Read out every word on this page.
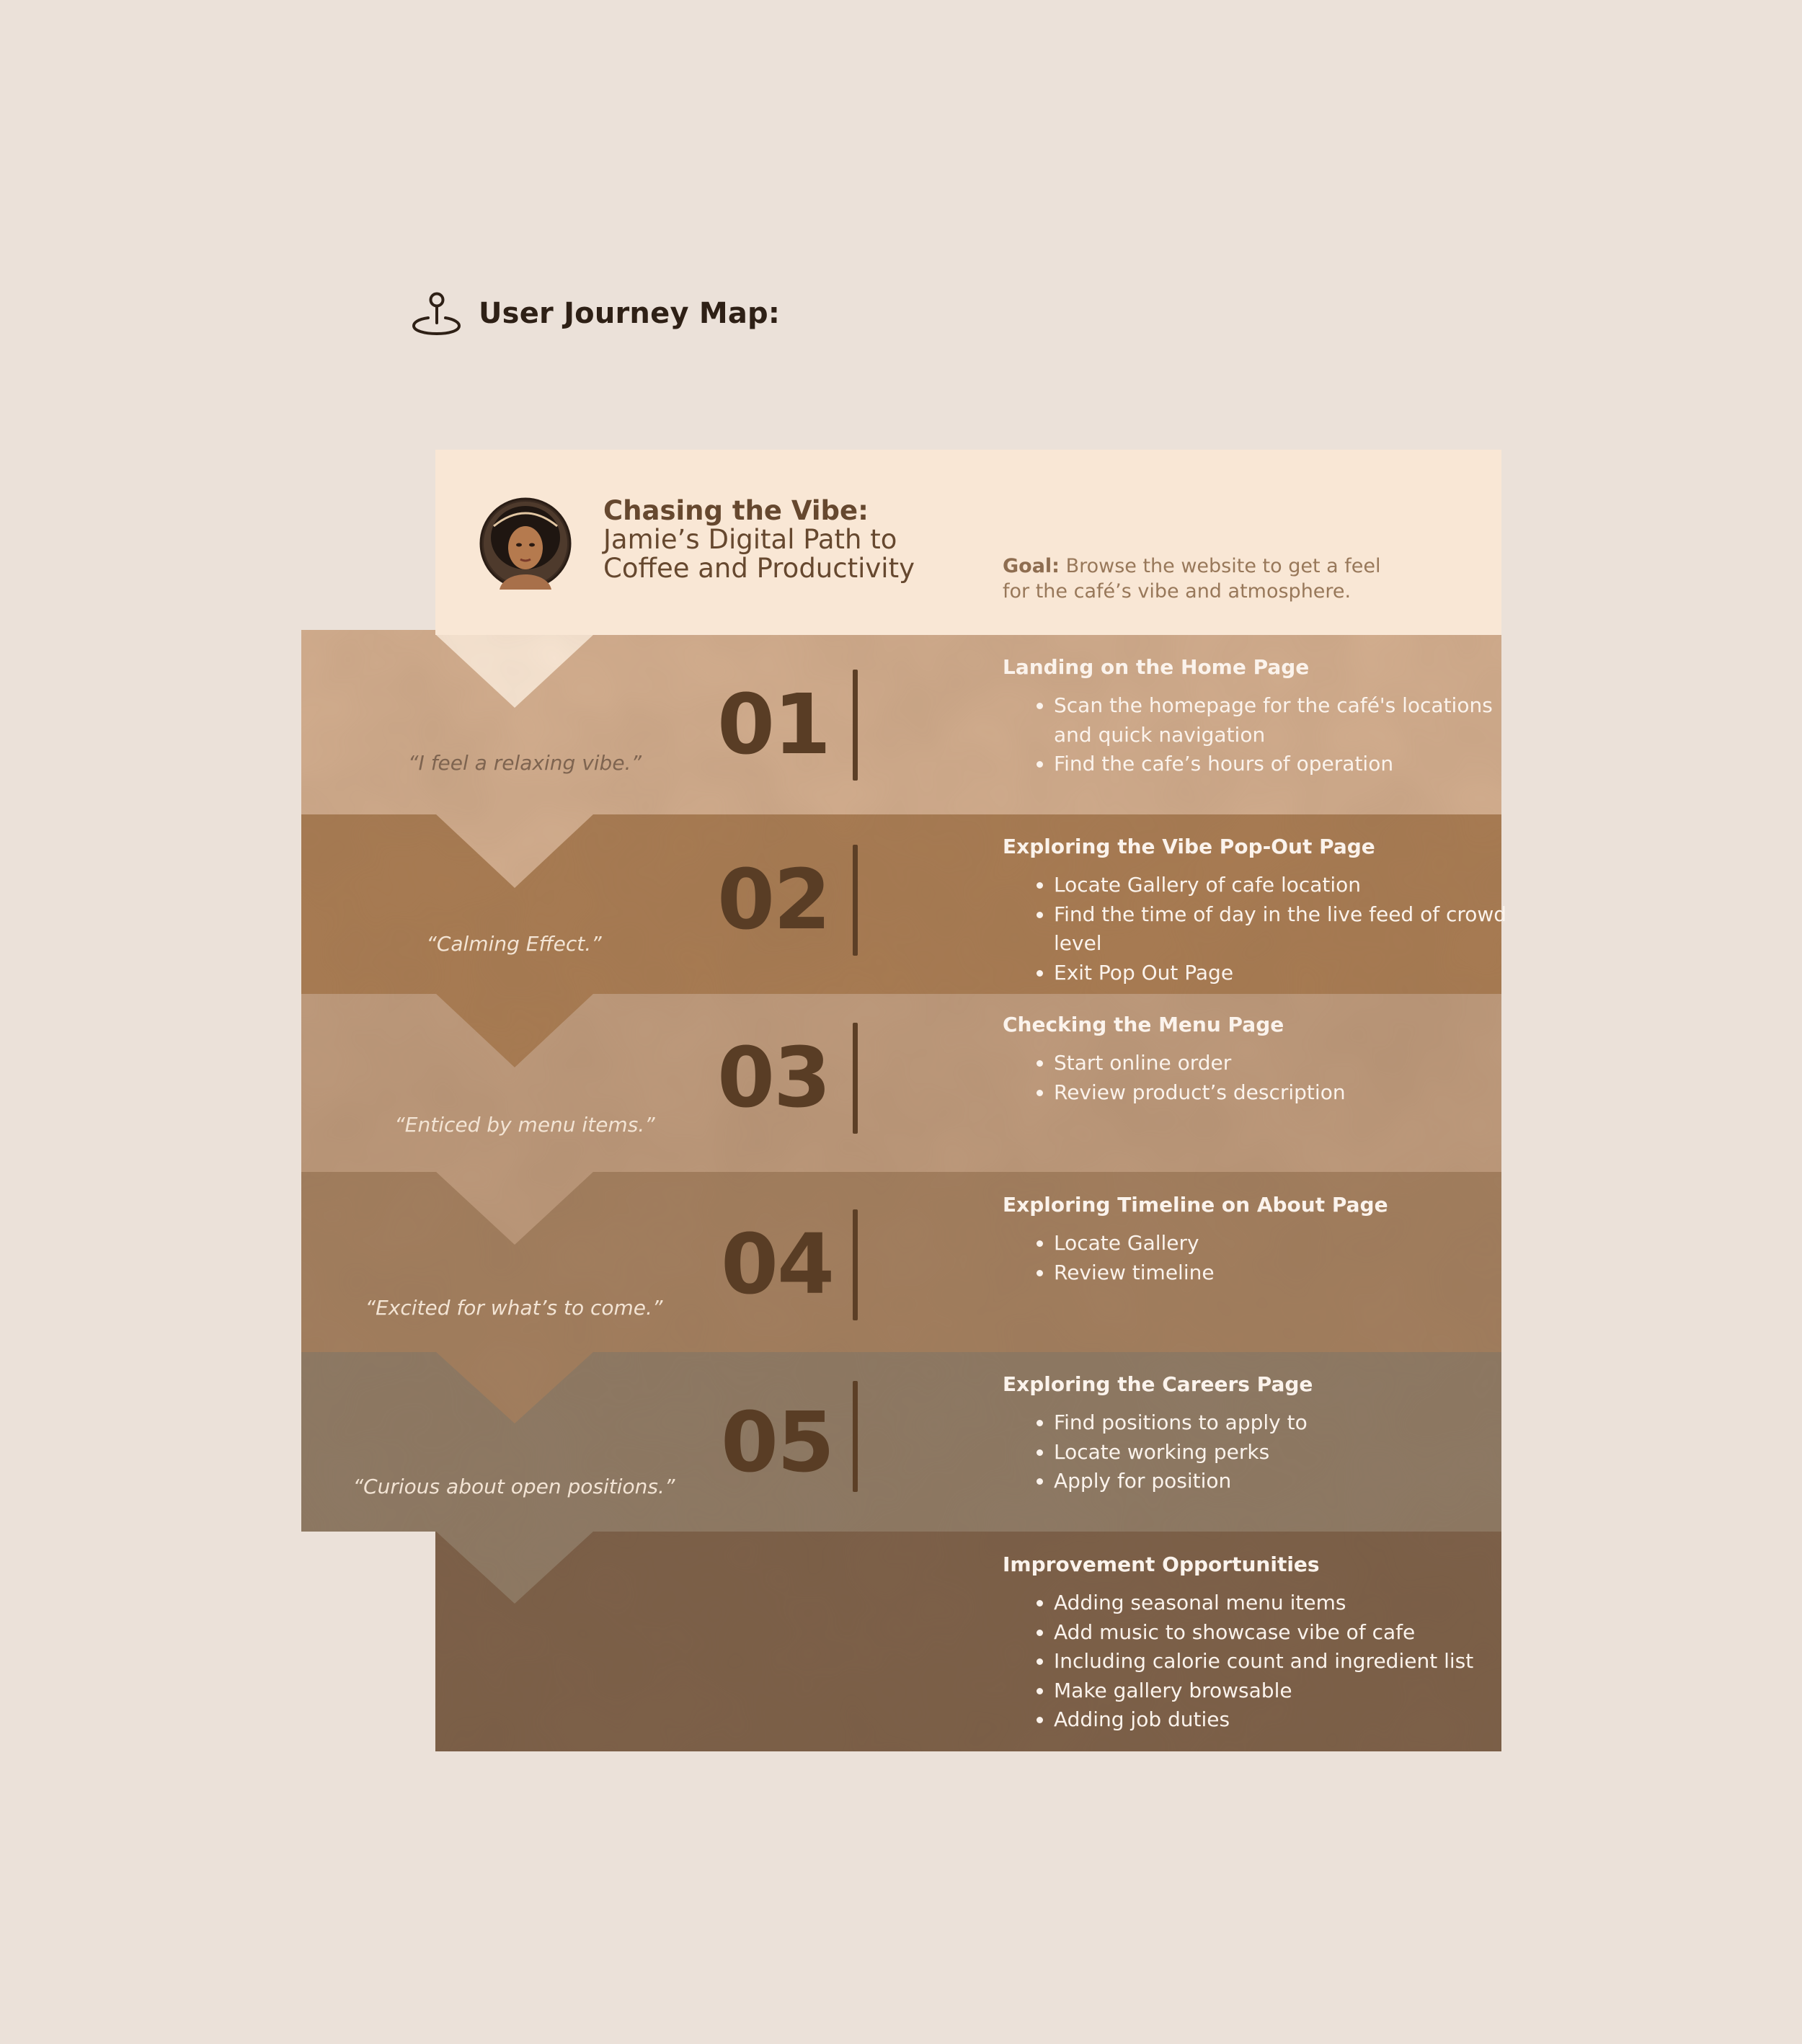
User Journey Map:
Chasing the Vibe:
Jamie’s Digital Path to
Coffee and Productivity	Goal: Browse the website to get a feel for the café’s vibe and atmosphere.
01
“I feel a relaxing vibe.”
Landing on the Home Page
• Scan the homepage for the café's locations and quick navigation
• Find the cafe’s hours of operation
02
“Calming Effect.”
Exploring the Vibe Pop-Out Page
• Locate Gallery of cafe location
• Find the time of day in the live feed of crowd level
• Exit Pop Out Page
03
“Enticed by menu items.”
Checking the Menu Page
• Start online order
• Review product’s description
04
“Excited for what’s to come.”
Exploring Timeline on About Page
• Locate Gallery
• Review timeline
05
“Curious about open positions.”
Exploring the Careers Page
• Find positions to apply to
• Locate working perks
• Apply for position
Improvement Opportunities
• Adding seasonal menu items
• Add music to showcase vibe of cafe
• Including calorie count and ingredient list
• Make gallery browsable
• Adding job duties
